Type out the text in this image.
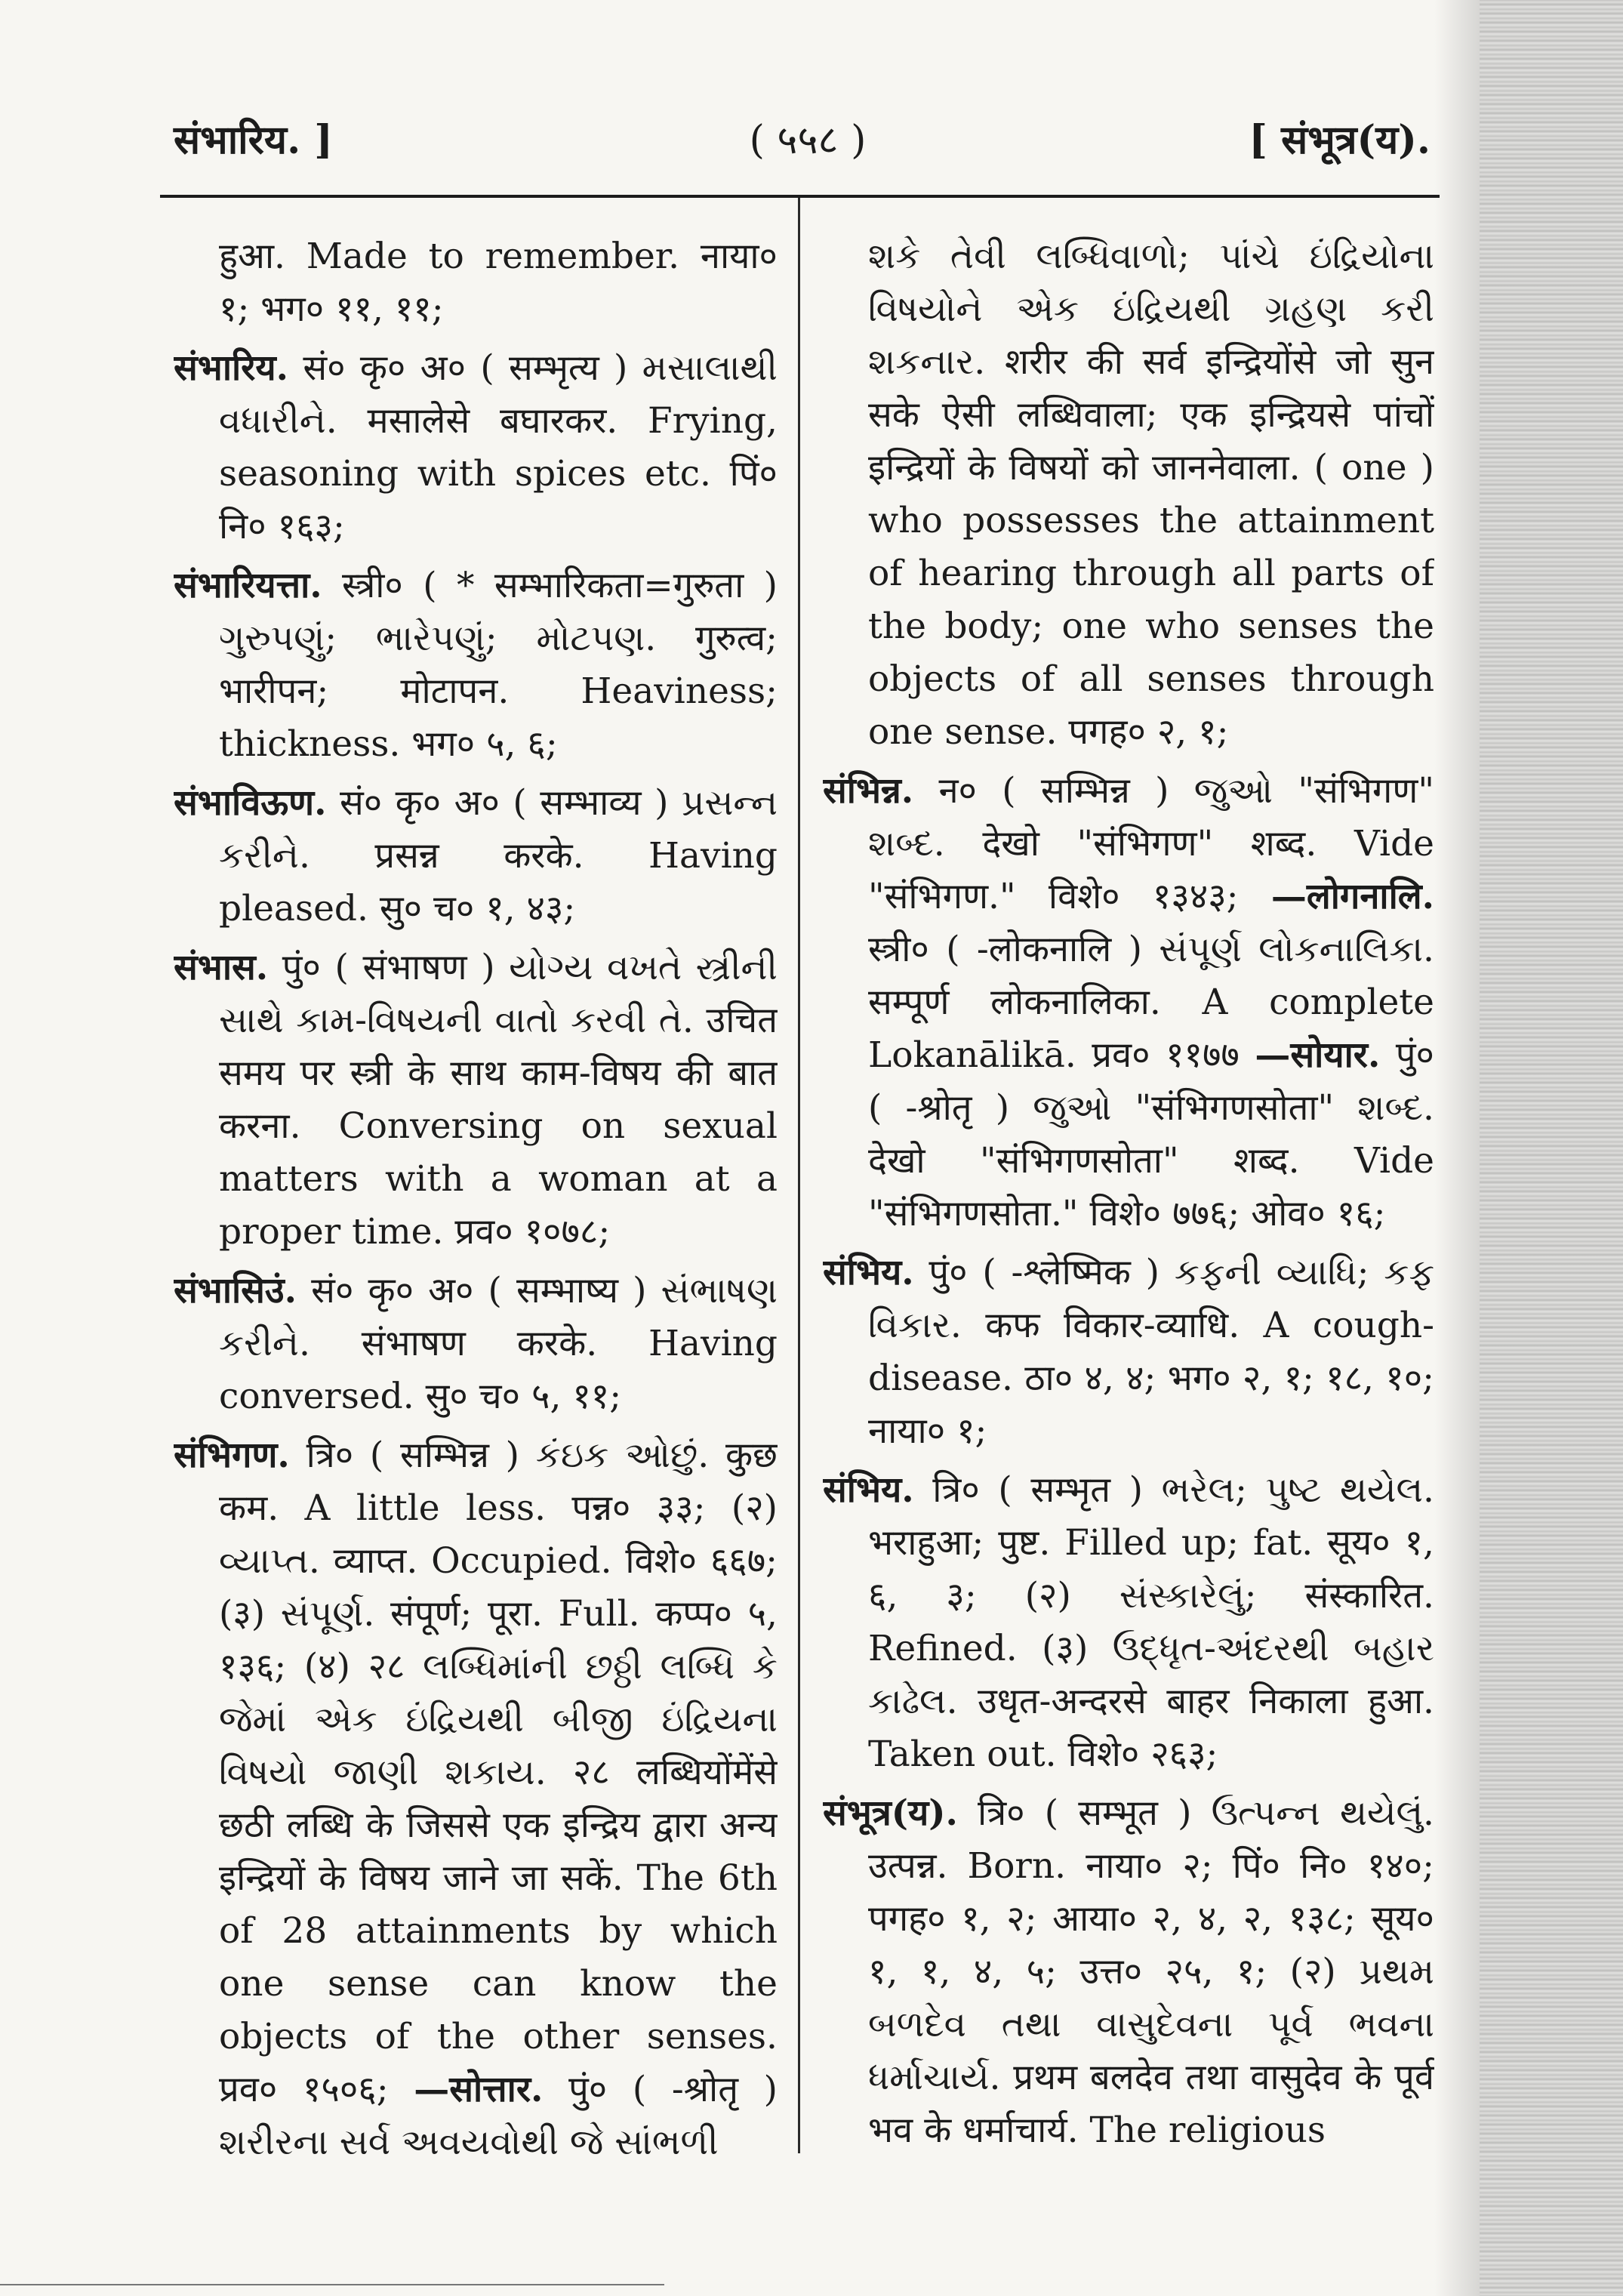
संभारिय. ]	( ५५८ )	[ संभूत्र(य).

हुआ. Made to remember. नाया० १; भग० ११, ११;

संभारिय. सं० कृ० अ० ( सम्भृत्य ) મસાલાથી વધારીને. मसालेसे बघारकर. Frying, seasoning with spices etc. पिं० नि० १६३;

संभारियत्ता. स्त्री० ( * सम्भारिकता=गुरुता ) ગુરુપણું; ભારેપણું; મોટપણ. गुरुत्व; भारीपन; मोटापन. Heaviness; thickness. भग० ५, ६;

संभाविऊण. सं० कृ० अ० ( सम्भाव्य ) પ્રસન્ન કરીને. प्रसन्न करके. Having pleased. सु० च० १, ४३;

संभास. पुं० ( संभाषण ) યોગ્ય વખતે સ્ત્રીની સાથે કામ-વિષયની વાતો કરવી તે. उचित समय पर स्त्री के साथ काम-विषय की बात करना. Conversing on sexual matters with a woman at a proper time. प्रव० १०७८;

संभासिउं. सं० कृ० अ० ( सम्भाष्य ) સંભાષણ કરીને. संभाषण करके. Having conversed. सु० च० ५, ११;

संभिगण. त्रि० ( सम्भिन्न ) કંઇક ઓછું. कुछ कम. A little less. पन्न० ३३; (२) વ્યાપ્ત. व्याप्त. Occupied. विशे० ६६७; (३) સંપૂર્ણ. संपूर्ण; पूरा. Full. कप्प० ५, १३६; (४) २८ લબ્ધિમાંની છઠ્ઠી લબ્ધિ કે જેમાં એક ઇંદ્રિયથી બીજી ઇંદ્રિયના વિષયો જાણી શકાય. २८ लब्धियोंमेंसे छठी लब्धि के जिससे एक इन्द्रिय द्वारा अन्य इन्द्रियों के विषय जाने जा सकें. The 6th of 28 attainments by which one sense can know the objects of the other senses. प्रव० १५०६; —सोत्तार. पुं० ( -श्रोतृ ) શરીરના સર્વ અવયવોથી જે સાંભળી

શકે તેવી લબ્ધિવાળો; પાંચે ઇંદ્રિયોના વિષયોને એક ઇંદ્રિયથી ગ્રહણ કરી શકનાર. शरीर की सर्व इन्द्रियोंसे जो सुन सके ऐसी लब्धिवाला; एक इन्द्रियसे पांचों इन्द्रियों के विषयों को जाननेवाला. ( one ) who possesses the attainment of hearing through all parts of the body; one who senses the objects of all senses through one sense. पगह० २, १;

संभिन्न. न० ( सम्भिन्न ) જુઓ "संभिगण" શબ્દ. देखो "संभिगण" शब्द. Vide "संभिगण." विशे० १३४३; —लोगनालि. स्त्री० ( -लोकनालि ) સંપૂર્ણ લોકનાલિકા. सम्पूर्ण लोकनालिका. A complete Lokanālikā. प्रव० ११७७ —सोयार. पुं० ( -श्रोतृ ) જુઓ "संभिगणसोता" શબ્દ. देखो "संभिगणसोता" शब्द. Vide "संभिगणसोता." विशे० ७७६; ओव० १६;

संभिय. पुं० ( -श्लेष्मिक ) કફની વ્યાધિ; કફ વિકાર. कफ विकार-व्याधि. A cough-disease. ठा० ४, ४; भग० २, १; १८, १०; नाया० १;

संभिय. त्रि० ( सम्भृत ) ભરેલ; પુષ્ટ થયેલ. भराहुआ; पुष्ट. Filled up; fat. सूय० १, ६, ३; (२) સંસ્કારેલું; संस्कारित. Refined. (३) ઉદ્ધૃત-અંદરથી બહાર કાઢેલ. उधृत-अन्दरसे बाहर निकाला हुआ. Taken out. विशे० २६३;

संभूत्र(य). त्रि० ( सम्भूत ) ઉત્પન્ન થયેલું. उत्पन्न. Born. नाया० २; पिं० नि० १४०; पगह० १, २; आया० २, ४, २, १३८; सूय० १, १, ४, ५; उत्त० २५, १; (२) પ્રથમ બળદેવ તથા વાસુદેવના પૂર્વ ભવના ધર્માચાર્ય. प्रथम बलदेव तथा वासुदेव के पूर्व भव के धर्माचार्य. The religious
